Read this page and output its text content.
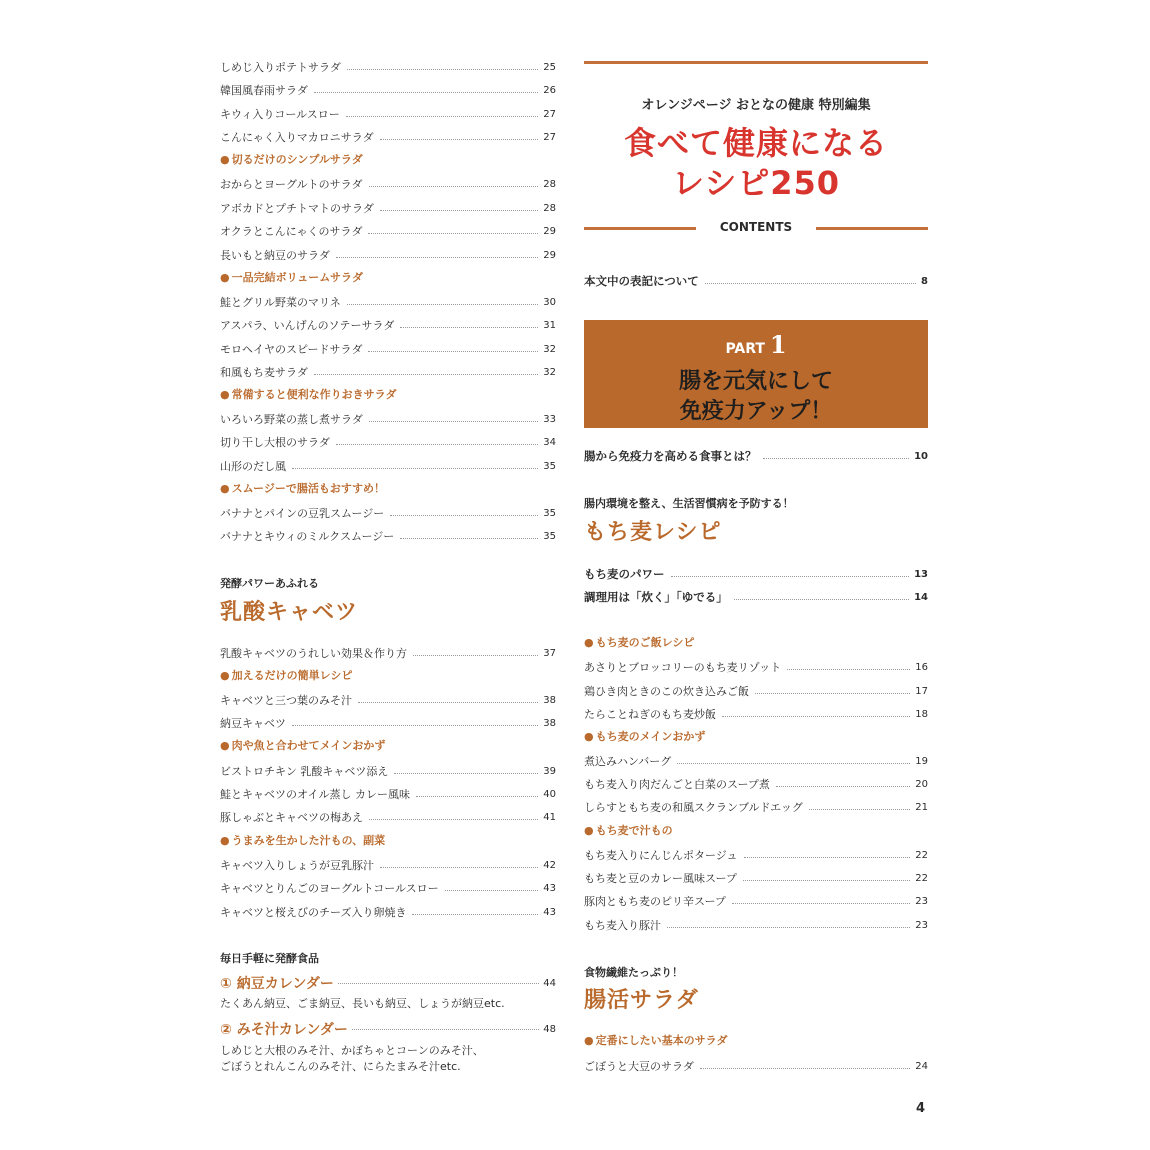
しめじ入りポテトサラダ	25
韓国風春雨サラダ	26
キウィ入りコールスロー	27
こんにゃく入りマカロニサラダ	27
● 切るだけのシンプルサラダ
おからとヨーグルトのサラダ	28
アボカドとプチトマトのサラダ	28
オクラとこんにゃくのサラダ	29
長いもと納豆のサラダ	29
● 一品完結ボリュームサラダ
鮭とグリル野菜のマリネ	30
アスパラ、いんげんのソテーサラダ	31
モロヘイヤのスピードサラダ	32
和風もち麦サラダ	32
● 常備すると便利な作りおきサラダ
いろいろ野菜の蒸し煮サラダ	33
切り干し大根のサラダ	34
山形のだし風	35
● スムージーで腸活もおすすめ！
バナナとパインの豆乳スムージー	35
バナナとキウィのミルクスムージー	35
発酵パワーあふれる
乳酸キャベツ
乳酸キャベツのうれしい効果＆作り方	37
● 加えるだけの簡単レシピ
キャベツと三つ葉のみそ汁	38
納豆キャベツ	38
● 肉や魚と合わせてメインおかず
ビストロチキン 乳酸キャベツ添え	39
鮭とキャベツのオイル蒸し カレー風味	40
豚しゃぶとキャベツの梅あえ	41
● うまみを生かした汁もの、副菜
キャベツ入りしょうが豆乳豚汁	42
キャベツとりんごのヨーグルトコールスロー	43
キャベツと桜えびのチーズ入り卵焼き	43
毎日手軽に発酵食品
① 納豆カレンダー	44
たくあん納豆、ごま納豆、長いも納豆、しょうが納豆etc.
② みそ汁カレンダー	48
しめじと大根のみそ汁、かぼちゃとコーンのみそ汁、
ごぼうとれんこんのみそ汁、にらたまみそ汁etc.
オレンジページ おとなの健康 特別編集
食べて健康になる
レシピ250
CONTENTS
本文中の表記について	8
PART 1
腸を元気にして
免疫力アップ！
腸から免疫力を高める食事とは？	10
腸内環境を整え、生活習慣病を予防する！
もち麦レシピ
もち麦のパワー	13
調理用は「炊く」「ゆでる」	14
● もち麦のご飯レシピ
あさりとブロッコリーのもち麦リゾット	16
鶏ひき肉ときのこの炊き込みご飯	17
たらことねぎのもち麦炒飯	18
● もち麦のメインおかず
煮込みハンバーグ	19
もち麦入り肉だんごと白菜のスープ煮	20
しらすともち麦の和風スクランブルドエッグ	21
● もち麦で汁もの
もち麦入りにんじんポタージュ	22
もち麦と豆のカレー風味スープ	22
豚肉ともち麦のピリ辛スープ	23
もち麦入り豚汁	23
食物繊維たっぷり！
腸活サラダ
● 定番にしたい基本のサラダ
ごぼうと大豆のサラダ	24
4
